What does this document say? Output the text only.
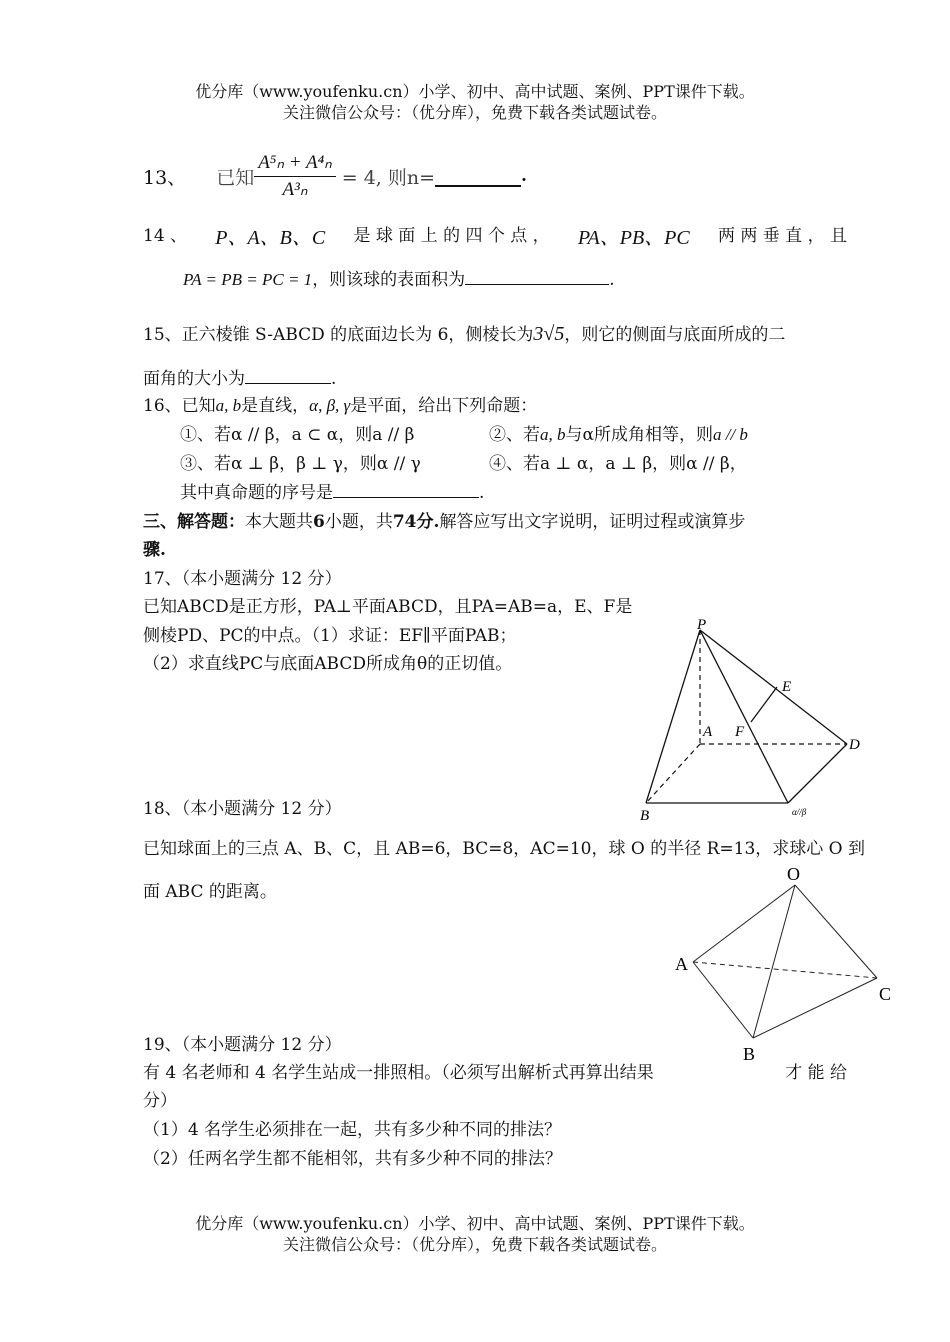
优分库（www.youfenku.cn）小学、初中、高中试题、案例、PPT课件下载。
关注微信公众号：（优分库），免费下载各类试题试卷。
13、 已知 $\frac{\text{A⁵ₙ + A⁴ₙ}}{\text{A³ₙ}} = 4$, 则n=	.
14 、 P、A、B、C 是 球 面 上 的 四 个 点 ， PA、PB、PC 两 两 垂 直 ， 且
PA = PB = PC = 1，则该球的表面积为	.
15、正六棱锥 S-ABCD 的底面边长为 6，侧棱长为3√5，则它的侧面与底面所成的二
面角的大小为	.
16、已知a, b是直线，α, β, γ是平面，给出下列命题：
①、若α // β，a ⊂ α，则a // β	②、若a, b与α所成角相等，则a // b
③、若α ⊥ β，β ⊥ γ，则α // γ	④、若a ⊥ α，a ⊥ β，则α // β，
其中真命题的序号是	.
三、解答题：本大题共6小题，共74分.解答应写出文字说明，证明过程或演算步
骤.
17、（本小题满分 12 分）
已知ABCD是正方形，PA⊥平面ABCD，且PA=AB=a，E、F是
侧棱PD、PC的中点。（1）求证：EF∥平面PAB；
（2）求直线PC与底面ABCD所成角θ的正切值。
P
E
A F
D
B	α//β
18、（本小题满分 12 分）
已知球面上的三点 A、B、C，且 AB=6，BC=8，AC=10，球 O 的半径 R=13，求球心 O 到
面 ABC 的距离。
O
A
C
B
19、（本小题满分 12 分）
有 4 名老师和 4 名学生站成一排照相。（必须写出解析式再算出结果	才 能 给
分）
（1）4 名学生必须排在一起，共有多少种不同的排法？
（2）任两名学生都不能相邻，共有多少种不同的排法？
优分库（www.youfenku.cn）小学、初中、高中试题、案例、PPT课件下载。
关注微信公众号：（优分库），免费下载各类试题试卷。
